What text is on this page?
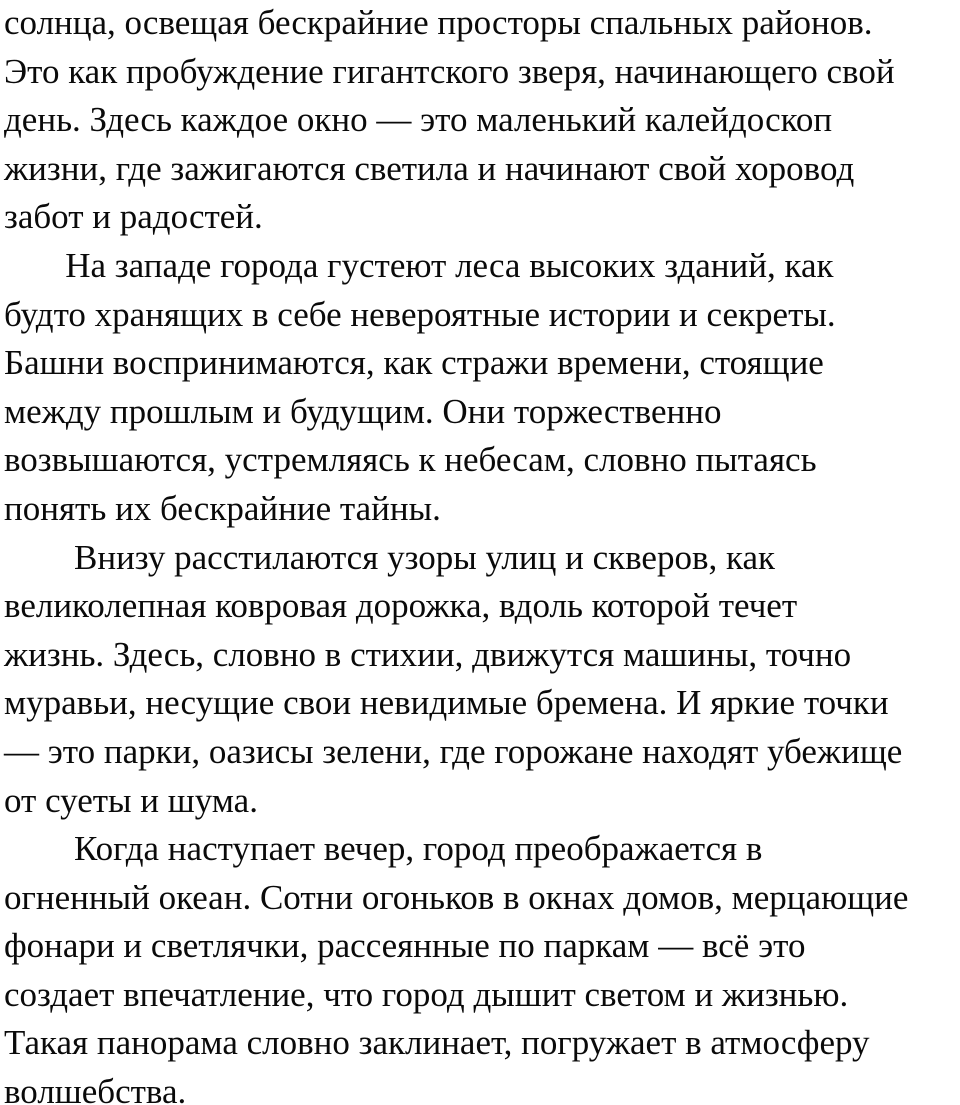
солнца, освещая бескрайние просторы спальных районов.
Это как пробуждение гигантского зверя, начинающего свой
день. Здесь каждое окно — это маленький калейдоскоп
жизни, где зажигаются светила и начинают свой хоровод
забот и радостей.
На западе города густеют леса высоких зданий, как
будто хранящих в себе невероятные истории и секреты.
Башни воспринимаются, как стражи времени, стоящие
между прошлым и будущим. Они торжественно
возвышаются, устремляясь к небесам, словно пытаясь
понять их бескрайние тайны.
Внизу расстилаются узоры улиц и скверов, как
великолепная ковровая дорожка, вдоль которой течет
жизнь. Здесь, словно в стихии, движутся машины, точно
муравьи, несущие свои невидимые бремена. И яркие точки
— это парки, оазисы зелени, где горожане находят убежище
от суеты и шума.
Когда наступает вечер, город преображается в
огненный океан. Сотни огоньков в окнах домов, мерцающие
фонари и светлячки, рассеянные по паркам — всё это
создает впечатление, что город дышит светом и жизнью.
Такая панорама словно заклинает, погружает в атмосферу
волшебства.
